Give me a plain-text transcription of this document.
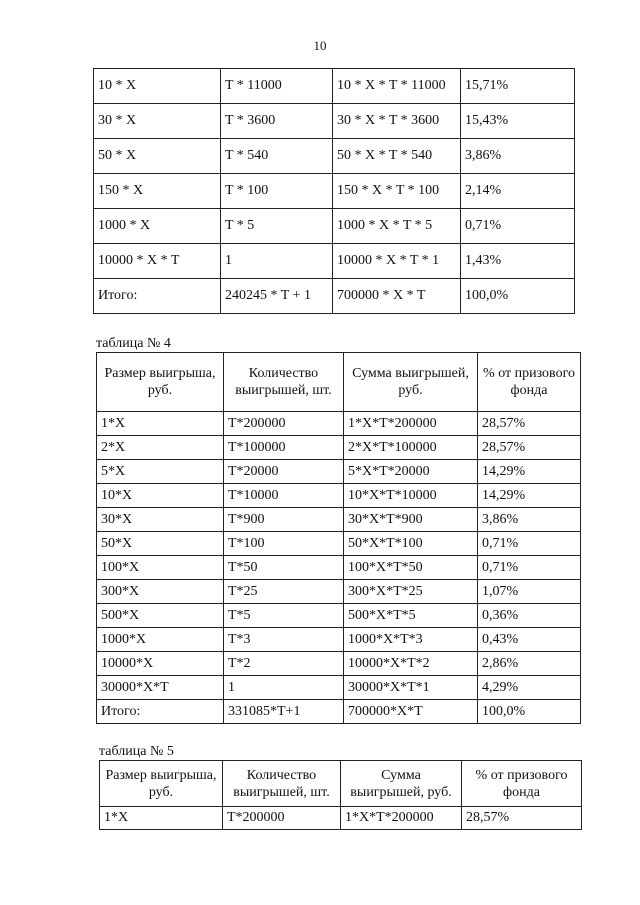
10
10 * X	T * 11000	10 * X * T * 11000	15,71%
30 * X	T * 3600	30 * X * T * 3600	15,43%
50 * X	T * 540	50 * X * T * 540	3,86%
150 * X	T * 100	150 * X * T * 100	2,14%
1000 * X	T * 5	1000 * X * T * 5	0,71%
10000 * X * T	1	10000 * X * T * 1	1,43%
Итого:	240245 * T + 1	700000 * X * T	100,0%
таблица № 4
Размер выигрыша, руб.	Количество выигрышей, шт.	Сумма выигрышей, руб.	% от призового фонда
1*X	T*200000	1*X*T*200000	28,57%
2*X	T*100000	2*X*T*100000	28,57%
5*X	T*20000	5*X*T*20000	14,29%
10*X	T*10000	10*X*T*10000	14,29%
30*X	T*900	30*X*T*900	3,86%
50*X	T*100	50*X*T*100	0,71%
100*X	T*50	100*X*T*50	0,71%
300*X	T*25	300*X*T*25	1,07%
500*X	T*5	500*X*T*5	0,36%
1000*X	T*3	1000*X*T*3	0,43%
10000*X	T*2	10000*X*T*2	2,86%
30000*X*T	1	30000*X*T*1	4,29%
Итого:	331085*T+1	700000*X*T	100,0%
таблица № 5
Размер выигрыша, руб.	Количество выигрышей, шт.	Сумма выигрышей, руб.	% от призового фонда
1*X	T*200000	1*X*T*200000	28,57%
